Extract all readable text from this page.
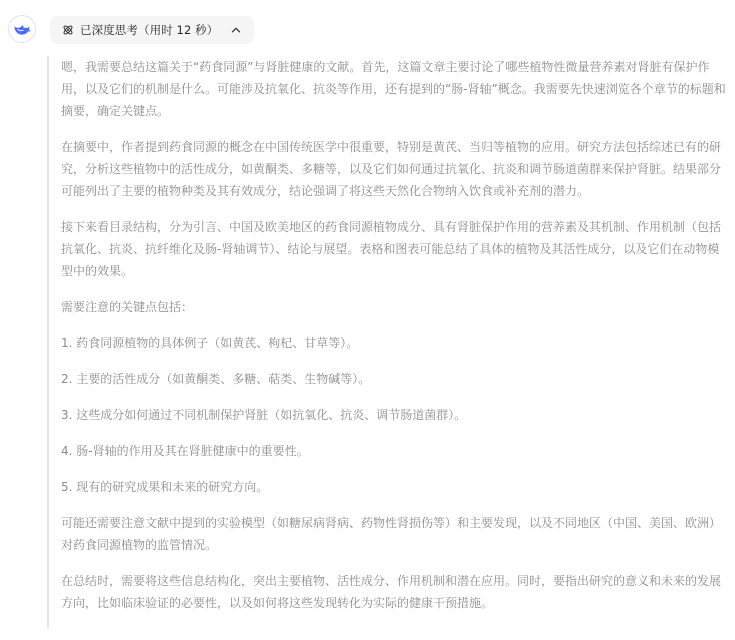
已深度思考（用时 12 秒）

嗯，我需要总结这篇关于“药食同源”与肾脏健康的文献。首先，这篇文章主要讨论了哪些植物性微量营养素对肾脏有保护作用，以及它们的机制是什么。可能涉及抗氧化、抗炎等作用，还有提到的“肠-肾轴”概念。我需要先快速浏览各个章节的标题和摘要，确定关键点。

在摘要中，作者提到药食同源的概念在中国传统医学中很重要，特别是黄芪、当归等植物的应用。研究方法包括综述已有的研究，分析这些植物中的活性成分，如黄酮类、多糖等，以及它们如何通过抗氧化、抗炎和调节肠道菌群来保护肾脏。结果部分可能列出了主要的植物种类及其有效成分，结论强调了将这些天然化合物纳入饮食或补充剂的潜力。

接下来看目录结构，分为引言、中国及欧美地区的药食同源植物成分、具有肾脏保护作用的营养素及其机制、作用机制（包括抗氧化、抗炎、抗纤维化及肠-肾轴调节）、结论与展望。表格和图表可能总结了具体的植物及其活性成分，以及它们在动物模型中的效果。

需要注意的关键点包括：

1. 药食同源植物的具体例子（如黄芪、枸杞、甘草等）。

2. 主要的活性成分（如黄酮类、多糖、萜类、生物碱等）。

3. 这些成分如何通过不同机制保护肾脏（如抗氧化、抗炎、调节肠道菌群）。

4. 肠-肾轴的作用及其在肾脏健康中的重要性。

5. 现有的研究成果和未来的研究方向。

可能还需要注意文献中提到的实验模型（如糖尿病肾病、药物性肾损伤等）和主要发现，以及不同地区（中国、美国、欧洲）对药食同源植物的监管情况。

在总结时，需要将这些信息结构化，突出主要植物、活性成分、作用机制和潜在应用。同时，要指出研究的意义和未来的发展方向，比如临床验证的必要性，以及如何将这些发现转化为实际的健康干预措施。
